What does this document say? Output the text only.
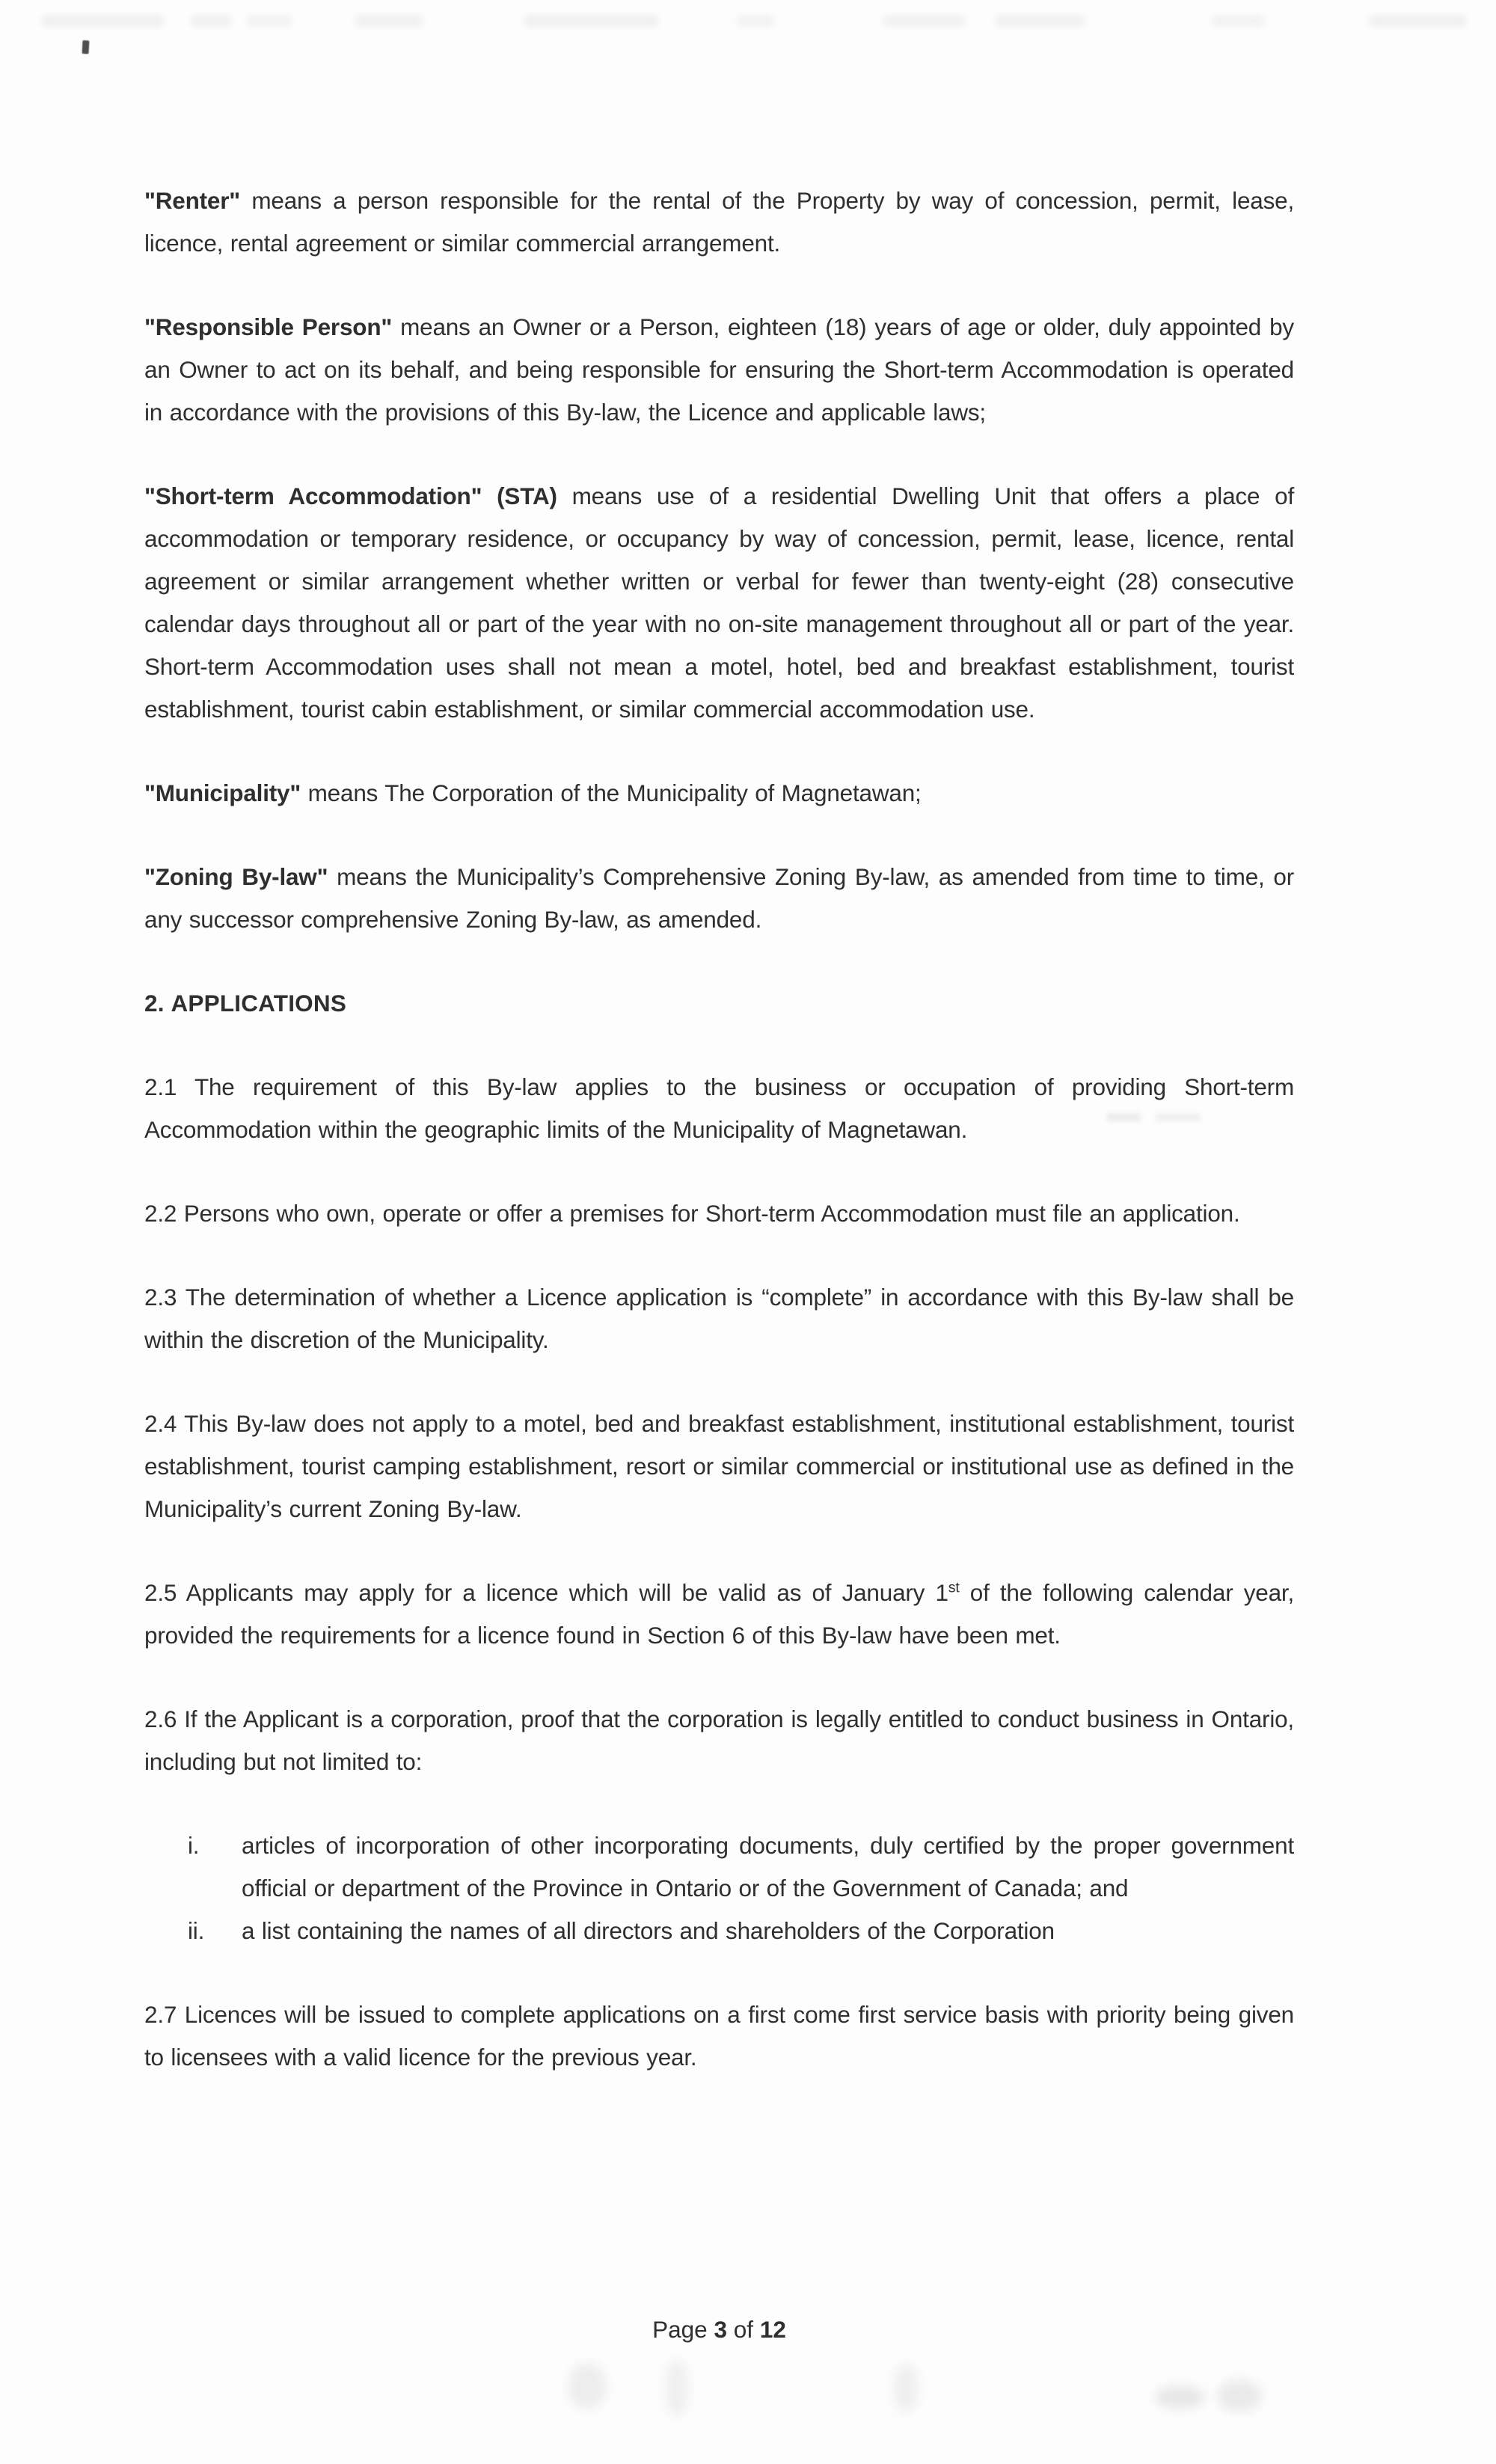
"Renter" means a person responsible for the rental of the Property by way of concession, permit, lease, licence, rental agreement or similar commercial arrangement.

"Responsible Person" means an Owner or a Person, eighteen (18) years of age or older, duly appointed by an Owner to act on its behalf, and being responsible for ensuring the Short-term Accommodation is operated in accordance with the provisions of this By-law, the Licence and applicable laws;

"Short-term Accommodation" (STA) means use of a residential Dwelling Unit that offers a place of accommodation or temporary residence, or occupancy by way of concession, permit, lease, licence, rental agreement or similar arrangement whether written or verbal for fewer than twenty-eight (28) consecutive calendar days throughout all or part of the year with no on-site management throughout all or part of the year. Short-term Accommodation uses shall not mean a motel, hotel, bed and breakfast establishment, tourist establishment, tourist cabin establishment, or similar commercial accommodation use.

"Municipality" means The Corporation of the Municipality of Magnetawan;

"Zoning By-law" means the Municipality’s Comprehensive Zoning By-law, as amended from time to time, or any successor comprehensive Zoning By-law, as amended.

2. APPLICATIONS

2.1 The requirement of this By-law applies to the business or occupation of providing Short-term Accommodation within the geographic limits of the Municipality of Magnetawan.

2.2 Persons who own, operate or offer a premises for Short-term Accommodation must file an application.

2.3 The determination of whether a Licence application is “complete” in accordance with this By-law shall be within the discretion of the Municipality.

2.4 This By-law does not apply to a motel, bed and breakfast establishment, institutional establishment, tourist establishment, tourist camping establishment, resort or similar commercial or institutional use as defined in the Municipality’s current Zoning By-law.

2.5 Applicants may apply for a licence which will be valid as of January 1st of the following calendar year, provided the requirements for a licence found in Section 6 of this By-law have been met.

2.6 If the Applicant is a corporation, proof that the corporation is legally entitled to conduct business in Ontario, including but not limited to:

i. articles of incorporation of other incorporating documents, duly certified by the proper government official or department of the Province in Ontario or of the Government of Canada; and
ii. a list containing the names of all directors and shareholders of the Corporation

2.7 Licences will be issued to complete applications on a first come first service basis with priority being given to licensees with a valid licence for the previous year.

Page 3 of 12
